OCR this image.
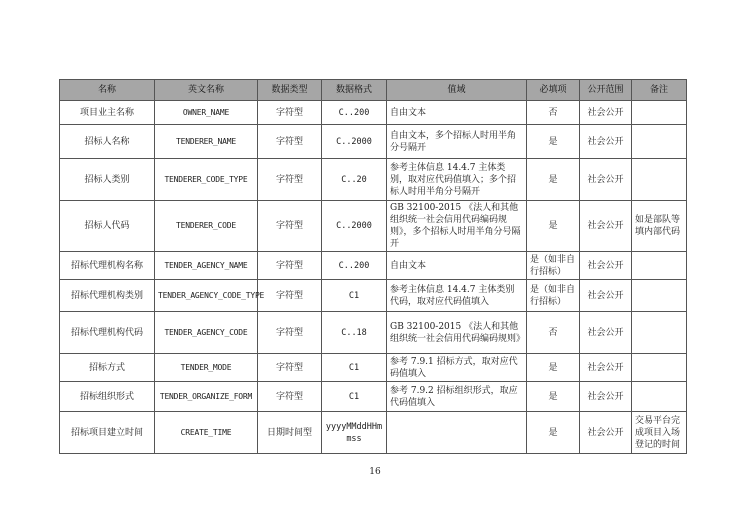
名称	英文名称	数据类型	数据格式	值域	必填项	公开范围	备注
项目业主名称	OWNER_NAME	字符型	C..200	自由文本	否	社会公开	
招标人名称	TENDERER_NAME	字符型	C..2000	自由文本，多个招标人时用半角分号隔开	是	社会公开	
招标人类别	TENDERER_CODE_TYPE	字符型	C..20	参考主体信息 14.4.7 主体类别，取对应代码值填入；多个招标人时用半角分号隔开	是	社会公开	
招标人代码	TENDERER_CODE	字符型	C..2000	GB 32100-2015 《法人和其他组织统一社会信用代码编码规则》，多个招标人时用半角分号隔开	是	社会公开	如是部队等填内部代码
招标代理机构名称	TENDER_AGENCY_NAME	字符型	C..200	自由文本	是（如非自行招标）	社会公开	
招标代理机构类别	TENDER_AGENCY_CODE_TYPE	字符型	C1	参考主体信息 14.4.7 主体类别代码，取对应代码值填入	是（如非自行招标）	社会公开	
招标代理机构代码	TENDER_AGENCY_CODE	字符型	C..18	GB 32100-2015 《法人和其他组织统一社会信用代码编码规则》	否	社会公开	
招标方式	TENDER_MODE	字符型	C1	参考 7.9.1 招标方式，取对应代码值填入	是	社会公开	
招标组织形式	TENDER_ORGANIZE_FORM	字符型	C1	参考 7.9.2 招标组织形式，取应代码值填入	是	社会公开	
招标项目建立时间	CREATE_TIME	日期时间型	yyyyMMddHHmmss		是	社会公开	交易平台完成项目入场登记的时间
16
